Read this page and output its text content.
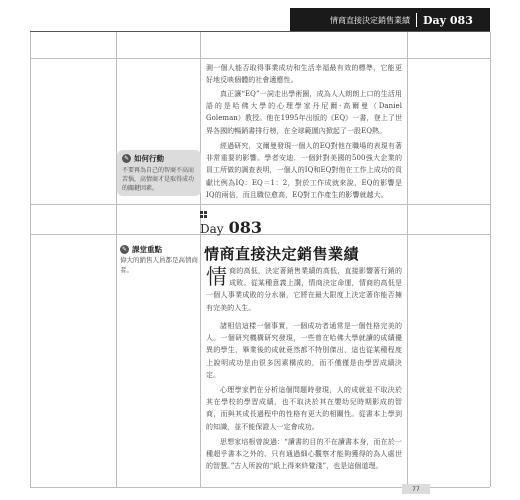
情商直接決定銷售業績 Day 083

測一個人能否取得事業成功和生活幸福最有效的標準，它能更好地反映個體的社會適應性。

真正讓“EQ”一詞走出學術圈，成為人人朗朗上口的生活用語的是哈佛大學的心理學家丹尼爾·高爾曼（Daniel Goleman）教授。他在1995年出版的《EQ》一書，登上了世界各國的暢銷書排行榜，在全球範圍內掀起了一股EQ熱。

經過研究，文爾曼發現一個人的EQ對他在職場的表現有著非常重要的影響。學者安迪．一個針對美國的500強大企業的員工所做的調查表明，一個人的IQ和EQ對他在工作上成功的貢獻比例為IQ：EQ＝1：2，對於工作成就來說，EQ的影響是IQ的兩倍，而且職位愈高，EQ對工作產生的影響就越大。

✎ 如何行動

不要再為自己的智商不高而苦惱，高情商才是取得成功的關鍵因素。

Day 083
✎ 課堂重點

偉大的銷售人員都是高情商者。

情商直接決定銷售業績
情商的高低，決定著銷售業績的高低，直接影響著行銷的成敗。從某種意義上講，情商決定命運，情商的高低是一個人事業成敗的分水嶺，它將在最大限度上決定著你能否擁有完美的人生。

諸相信這樣一個事實，一個成功者通常是一個性格完美的人。一個研究機構研究發現，一些曾在哈佛大學就讀的成績優異的學生，畢業後的成就竟然都不特別傑出，這也從某種程度上說明成功是由很多因素構成的，而不僅僅是由學習成績決定。

心理學家們在分析這個問題時發現，人的成就並不取決於其在學校的學習成績，也不取決於其在嬰幼兒時期影成的智商，而與其成長過程中的性格有更大的相關性。從書本上學到的知識，並不能保證人一定會成功。

思想家培根曾說過：“讀書的目的不在讀書本身，而在於一種超乎書本之外的、只有通過細心觀察才能夠獲得的為人處世的智慧。”古人所說的“紙上得來終覺淺”，也是這個道理。

77
